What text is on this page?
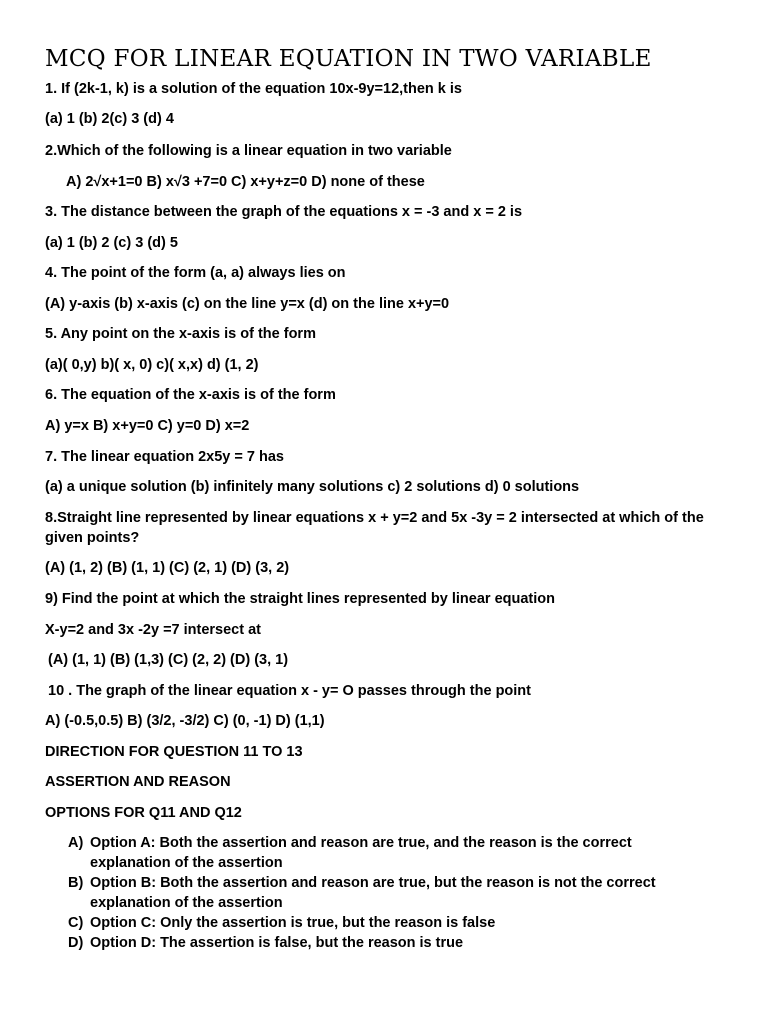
MCQ FOR LINEAR EQUATION IN TWO VARIABLE
1. If (2k-1, k) is a solution of the equation 10x-9y=12,then k is
(a) 1 (b) 2(c) 3 (d) 4
2.Which of the following is a linear equation in two variable
A) 2√x+1=0 B) x√3 +7=0 C) x+y+z=0 D) none of these
3. The distance between the graph of the equations x = -3 and x = 2 is
(a) 1 (b) 2 (c) 3 (d) 5
4. The point of the form (a, a) always lies on
(A) y-axis (b) x-axis (c) on the line y=x (d) on the line x+y=0
5. Any point on the x-axis is of the form
(a)( 0,y) b)( x, 0) c)( x,x) d) (1, 2)
6. The equation of the x-axis is of the form
A) y=x B) x+y=0 C) y=0 D) x=2
7. The linear equation 2x5y = 7 has
(a) a unique solution (b) infinitely many solutions c) 2 solutions d) 0 solutions
8.Straight line represented by linear equations x + y=2 and 5x -3y = 2 intersected at which of the given points?
(A) (1, 2) (B) (1, 1) (C) (2, 1) (D) (3, 2)
9) Find the point at which the straight lines represented by linear equation
X-y=2 and 3x -2y =7 intersect at
(A) (1, 1) (B) (1,3) (C) (2, 2) (D) (3, 1)
10 . The graph of the linear equation x - y= O passes through the point
A) (-0.5,0.5) B) (3/2, -3/2) C) (0, -1) D) (1,1)
DIRECTION FOR QUESTION 11 TO 13
ASSERTION AND REASON
OPTIONS FOR Q11 AND Q12
A) Option A: Both the assertion and reason are true, and the reason is the correct explanation of the assertion
B) Option B: Both the assertion and reason are true, but the reason is not the correct explanation of the assertion
C) Option C: Only the assertion is true, but the reason is false
D) Option D: The assertion is false, but the reason is true
